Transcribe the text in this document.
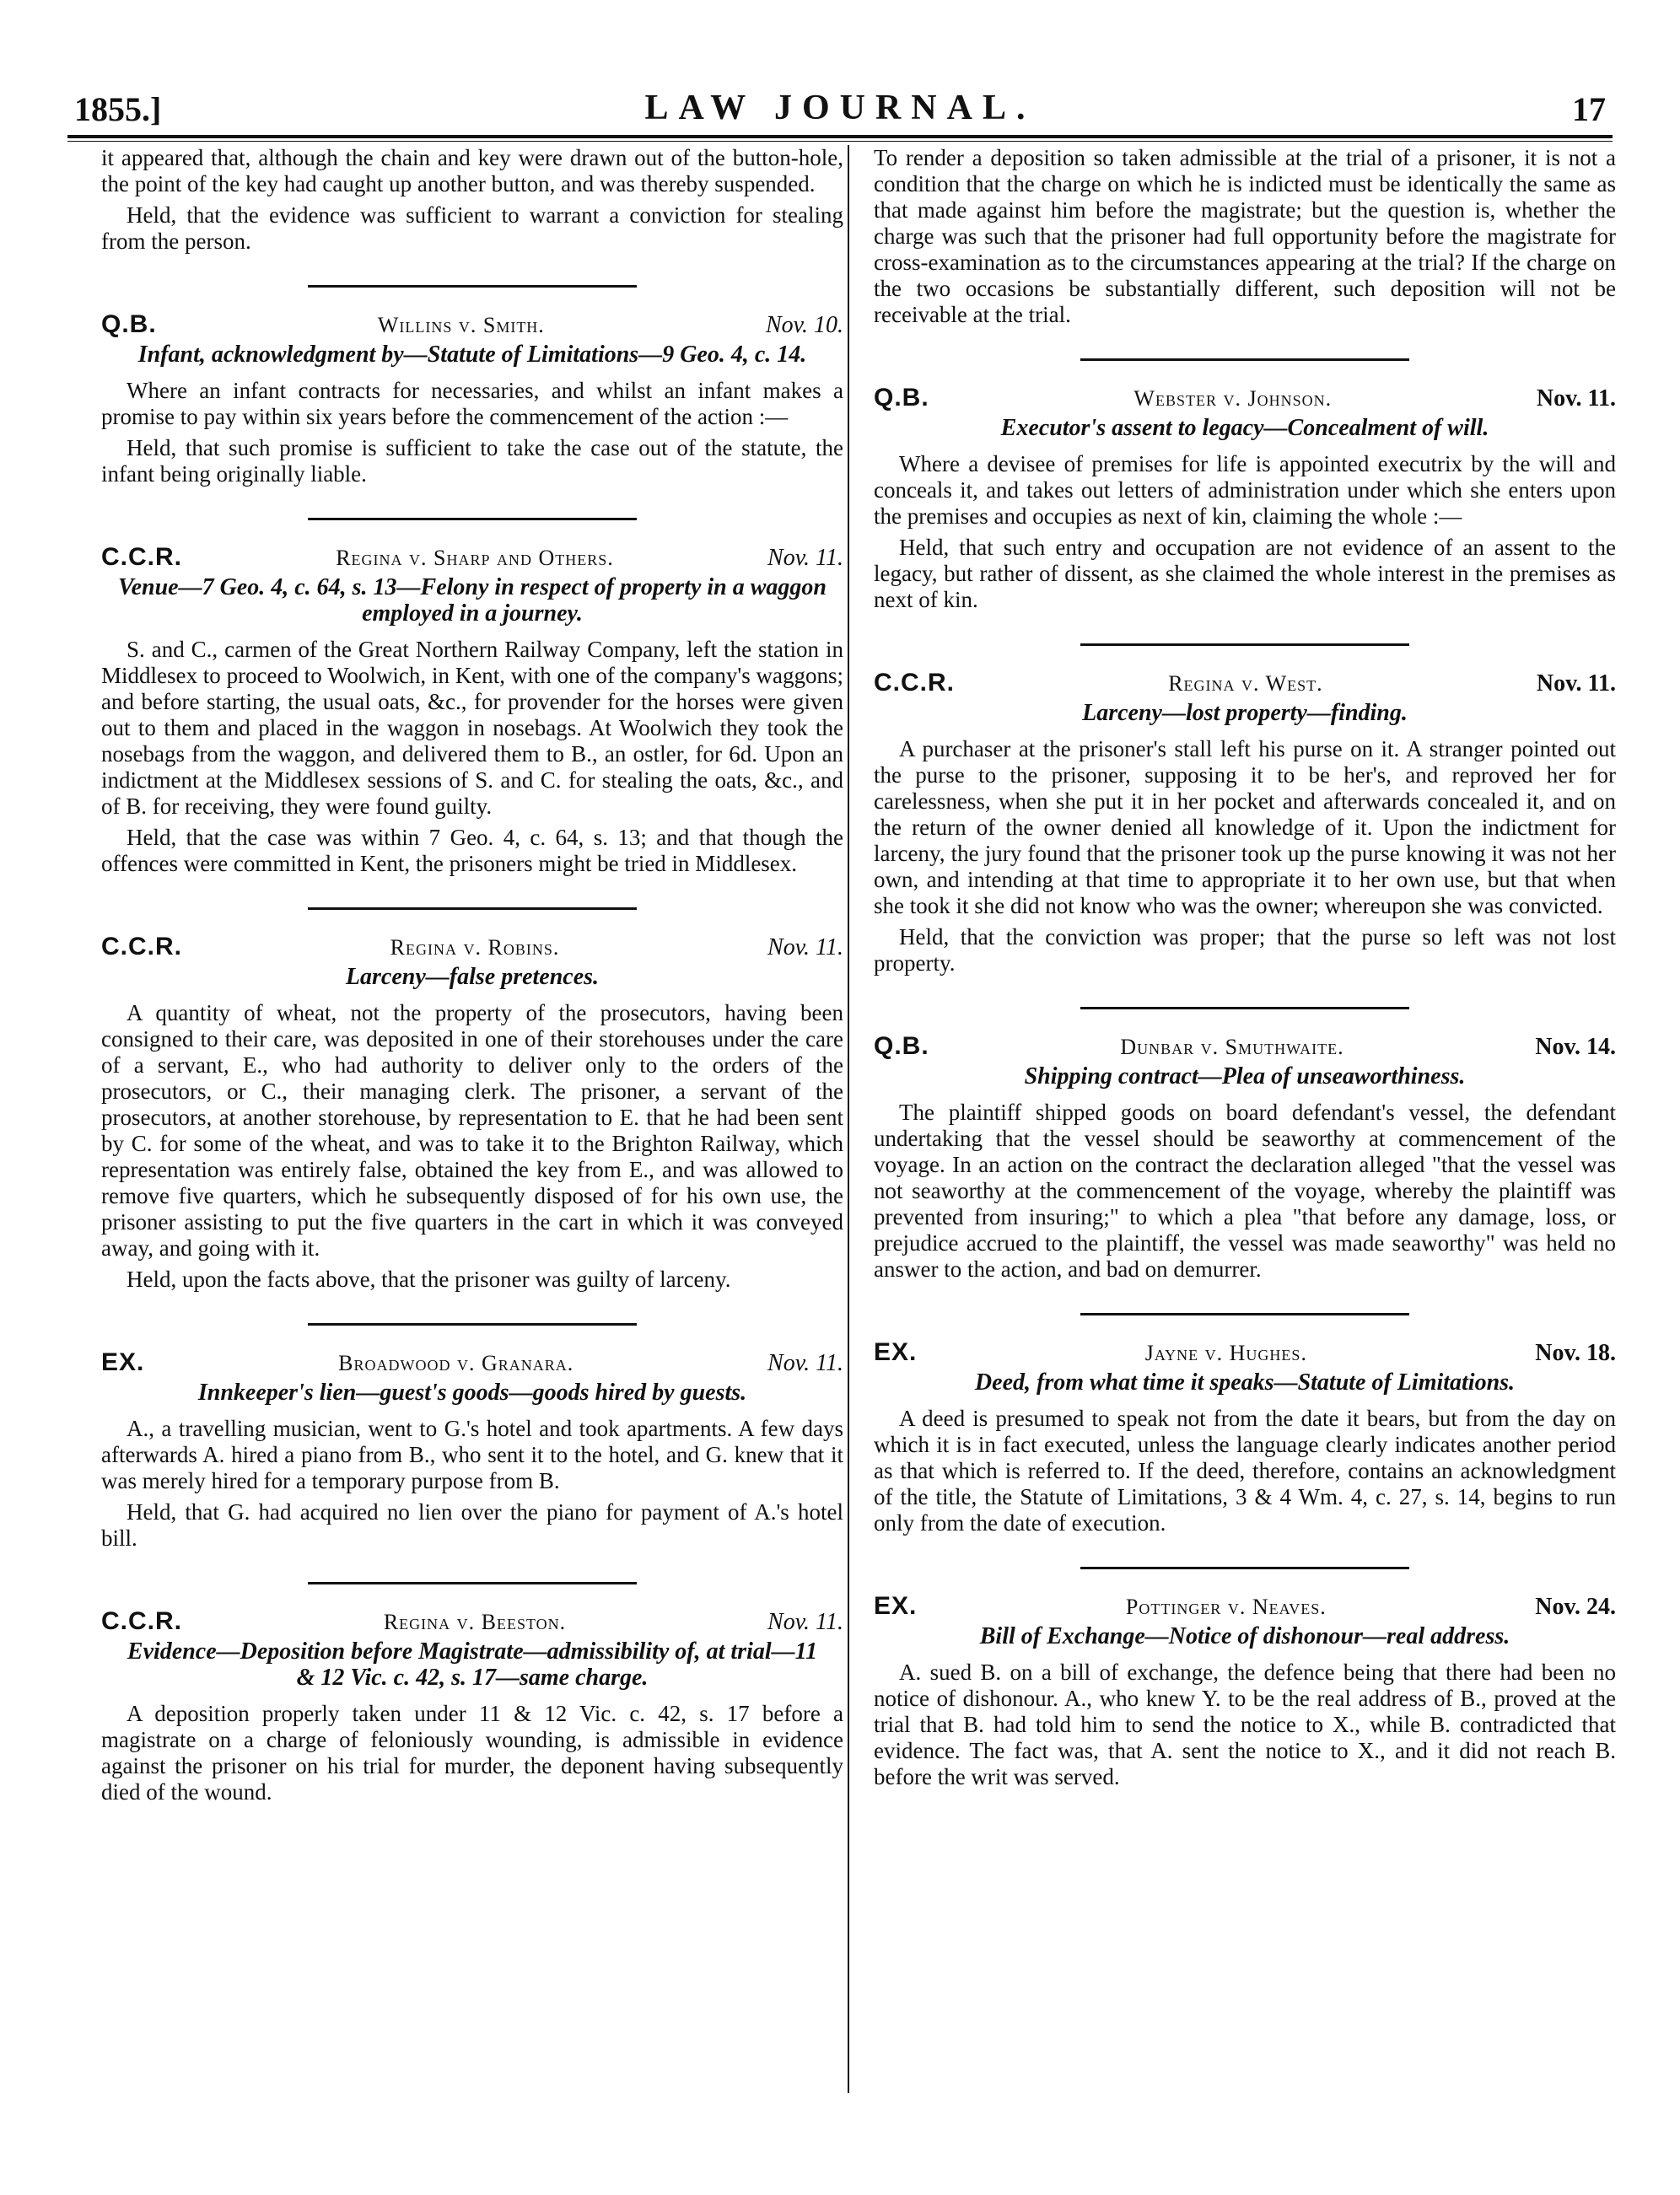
1855.]	LAW JOURNAL.	17

it appeared that, although the chain and key were drawn out of the button-hole, the point of the key had caught up another button, and was thereby suspended.

Held, that the evidence was sufficient to warrant a conviction for stealing from the person.

Q.B.	Willins v. Smith.	Nov. 10.
Infant, acknowledgment by—Statute of Limitations—9 Geo. 4, c. 14.

Where an infant contracts for necessaries, and whilst an infant makes a promise to pay within six years before the commencement of the action :—

Held, that such promise is sufficient to take the case out of the statute, the infant being originally liable.

C.C.R.	Regina v. Sharp and Others.	Nov. 11.
Venue—7 Geo. 4, c. 64, s. 13—Felony in respect of property in a waggon employed in a journey.

S. and C., carmen of the Great Northern Railway Company, left the station in Middlesex to proceed to Woolwich, in Kent, with one of the company's waggons; and before starting, the usual oats, &c., for provender for the horses were given out to them and placed in the waggon in nosebags. At Woolwich they took the nosebags from the waggon, and delivered them to B., an ostler, for 6d. Upon an indictment at the Middlesex sessions of S. and C. for stealing the oats, &c., and of B. for receiving, they were found guilty.

Held, that the case was within 7 Geo. 4, c. 64, s. 13; and that though the offences were committed in Kent, the prisoners might be tried in Middlesex.

C.C.R.	Regina v. Robins.	Nov. 11.
Larceny—false pretences.

A quantity of wheat, not the property of the prosecutors, having been consigned to their care, was deposited in one of their storehouses under the care of a servant, E., who had authority to deliver only to the orders of the prosecutors, or C., their managing clerk. The prisoner, a servant of the prosecutors, at another storehouse, by representation to E. that he had been sent by C. for some of the wheat, and was to take it to the Brighton Railway, which representation was entirely false, obtained the key from E., and was allowed to remove five quarters, which he subsequently disposed of for his own use, the prisoner assisting to put the five quarters in the cart in which it was conveyed away, and going with it.

Held, upon the facts above, that the prisoner was guilty of larceny.

EX.	Broadwood v. Granara.	Nov. 11.
Innkeeper's lien—guest's goods—goods hired by guests.

A., a travelling musician, went to G.'s hotel and took apartments. A few days afterwards A. hired a piano from B., who sent it to the hotel, and G. knew that it was merely hired for a temporary purpose from B.

Held, that G. had acquired no lien over the piano for payment of A.'s hotel bill.

C.C.R.	Regina v. Beeston.	Nov. 11.
Evidence—Deposition before Magistrate—admissibility of, at trial—11 & 12 Vic. c. 42, s. 17—same charge.

A deposition properly taken under 11 & 12 Vic. c. 42, s. 17 before a magistrate on a charge of feloniously wounding, is admissible in evidence against the prisoner on his trial for murder, the deponent having subsequently died of the wound.

To render a deposition so taken admissible at the trial of a prisoner, it is not a condition that the charge on which he is indicted must be identically the same as that made against him before the magistrate; but the question is, whether the charge was such that the prisoner had full opportunity before the magistrate for cross-examination as to the circumstances appearing at the trial? If the charge on the two occasions be substantially different, such deposition will not be receivable at the trial.

Q.B.	Webster v. Johnson.	Nov. 11.
Executor's assent to legacy—Concealment of will.

Where a devisee of premises for life is appointed executrix by the will and conceals it, and takes out letters of administration under which she enters upon the premises and occupies as next of kin, claiming the whole :—

Held, that such entry and occupation are not evidence of an assent to the legacy, but rather of dissent, as she claimed the whole interest in the premises as next of kin.

C.C.R.	Regina v. West.	Nov. 11.
Larceny—lost property—finding.

A purchaser at the prisoner's stall left his purse on it. A stranger pointed out the purse to the prisoner, supposing it to be her's, and reproved her for carelessness, when she put it in her pocket and afterwards concealed it, and on the return of the owner denied all knowledge of it. Upon the indictment for larceny, the jury found that the prisoner took up the purse knowing it was not her own, and intending at that time to appropriate it to her own use, but that when she took it she did not know who was the owner; whereupon she was convicted.

Held, that the conviction was proper; that the purse so left was not lost property.

Q.B.	Dunbar v. Smuthwaite.	Nov. 14.
Shipping contract—Plea of unseaworthiness.

The plaintiff shipped goods on board defendant's vessel, the defendant undertaking that the vessel should be seaworthy at commencement of the voyage. In an action on the contract the declaration alleged "that the vessel was not seaworthy at the commencement of the voyage, whereby the plaintiff was prevented from insuring;" to which a plea "that before any damage, loss, or prejudice accrued to the plaintiff, the vessel was made seaworthy" was held no answer to the action, and bad on demurrer.

EX.	Jayne v. Hughes.	Nov. 18.
Deed, from what time it speaks—Statute of Limitations.

A deed is presumed to speak not from the date it bears, but from the day on which it is in fact executed, unless the language clearly indicates another period as that which is referred to. If the deed, therefore, contains an acknowledgment of the title, the Statute of Limitations, 3 & 4 Wm. 4, c. 27, s. 14, begins to run only from the date of execution.

EX.	Pottinger v. Neaves.	Nov. 24.
Bill of Exchange—Notice of dishonour—real address.

A. sued B. on a bill of exchange, the defence being that there had been no notice of dishonour. A., who knew Y. to be the real address of B., proved at the trial that B. had told him to send the notice to X., while B. contradicted that evidence. The fact was, that A. sent the notice to X., and it did not reach B. before the writ was served.
